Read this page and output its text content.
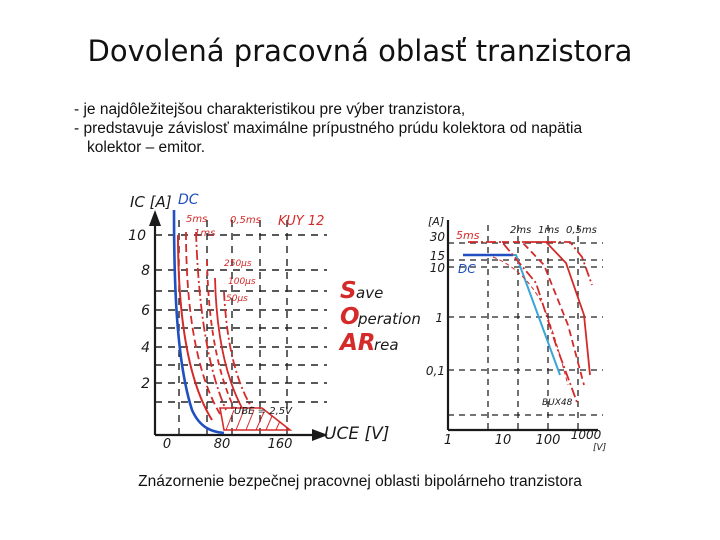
Dovolená pracovná oblasť tranzistora
- je najdôležitejšou charakteristikou pre výber tranzistora,
- predstavuje závislosť maximálne prípustného prúdu kolektora od napätia
kolektor – emitor.
IC [A]
UCE [V]
10
8
6
4
2
0	80	160
DC
5ms
1ms
0,5ms
250μs
100μs
50μs
KUY 12
UBE = 2,5V
S ave
O
peration
AR
rea
[A]
30
15
10
1
0,1
1	10 100 1000
[V]
5ms	2ms 1ms 0,5ms
DC
BUX48
Znázornenie bezpečnej pracovnej oblasti bipolárneho tranzistora
